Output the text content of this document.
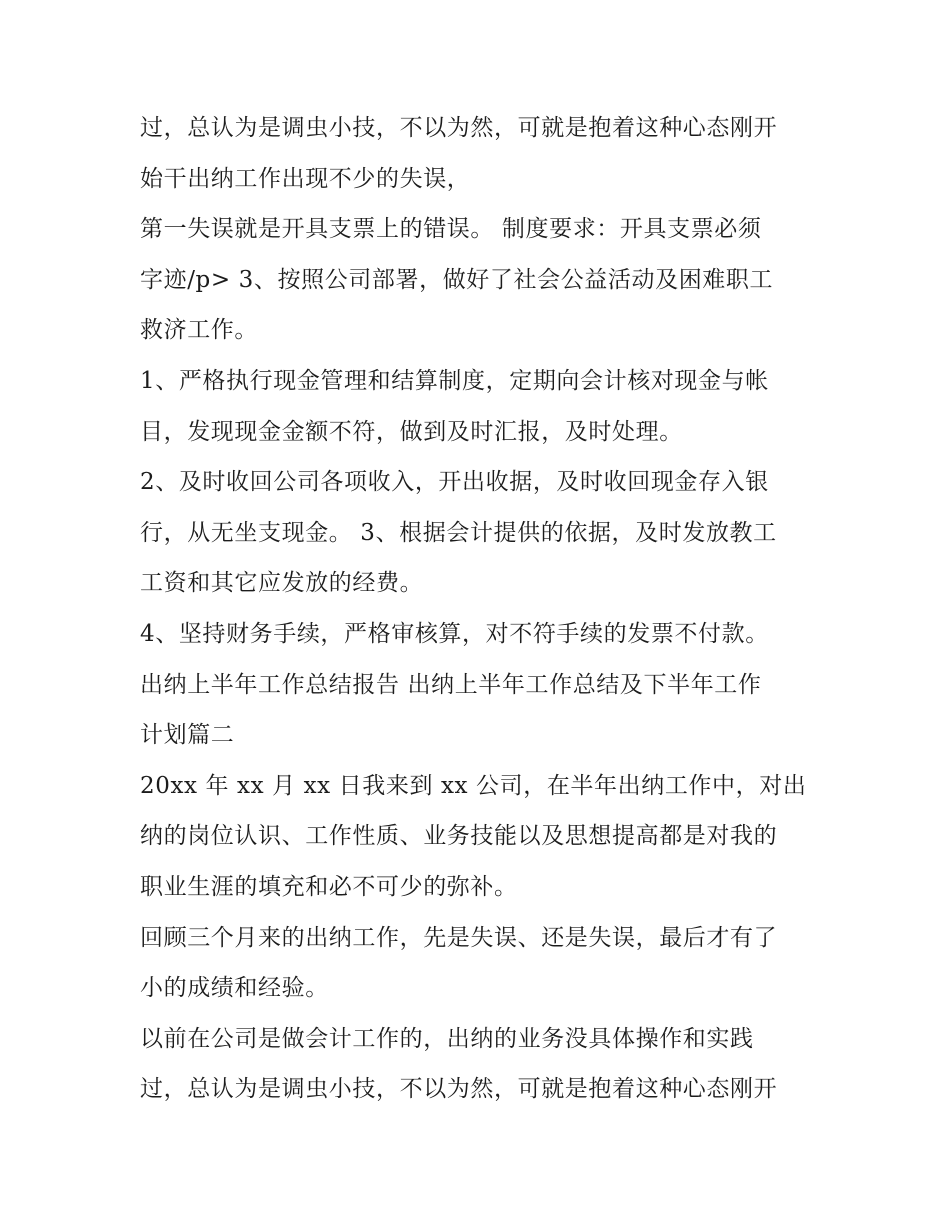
过，总认为是调虫小技，不以为然，可就是抱着这种心态刚开
始干出纳工作出现不少的失误，
第一失误就是开具支票上的错误。 制度要求：开具支票必须
字迹/p> 3、按照公司部署，做好了社会公益活动及困难职工
救济工作。
1、严格执行现金管理和结算制度，定期向会计核对现金与帐
目，发现现金金额不符，做到及时汇报，及时处理。
2、及时收回公司各项收入，开出收据，及时收回现金存入银
行，从无坐支现金。 3、根据会计提供的依据，及时发放教工
工资和其它应发放的经费。
4、坚持财务手续，严格审核算，对不符手续的发票不付款。
出纳上半年工作总结报告 出纳上半年工作总结及下半年工作
计划篇二
20xx 年 xx 月 xx 日我来到 xx 公司，在半年出纳工作中，对出
纳的岗位认识、工作性质、业务技能以及思想提高都是对我的
职业生涯的填充和必不可少的弥补。
回顾三个月来的出纳工作，先是失误、还是失误，最后才有了
小的成绩和经验。
以前在公司是做会计工作的，出纳的业务没具体操作和实践
过，总认为是调虫小技，不以为然，可就是抱着这种心态刚开
